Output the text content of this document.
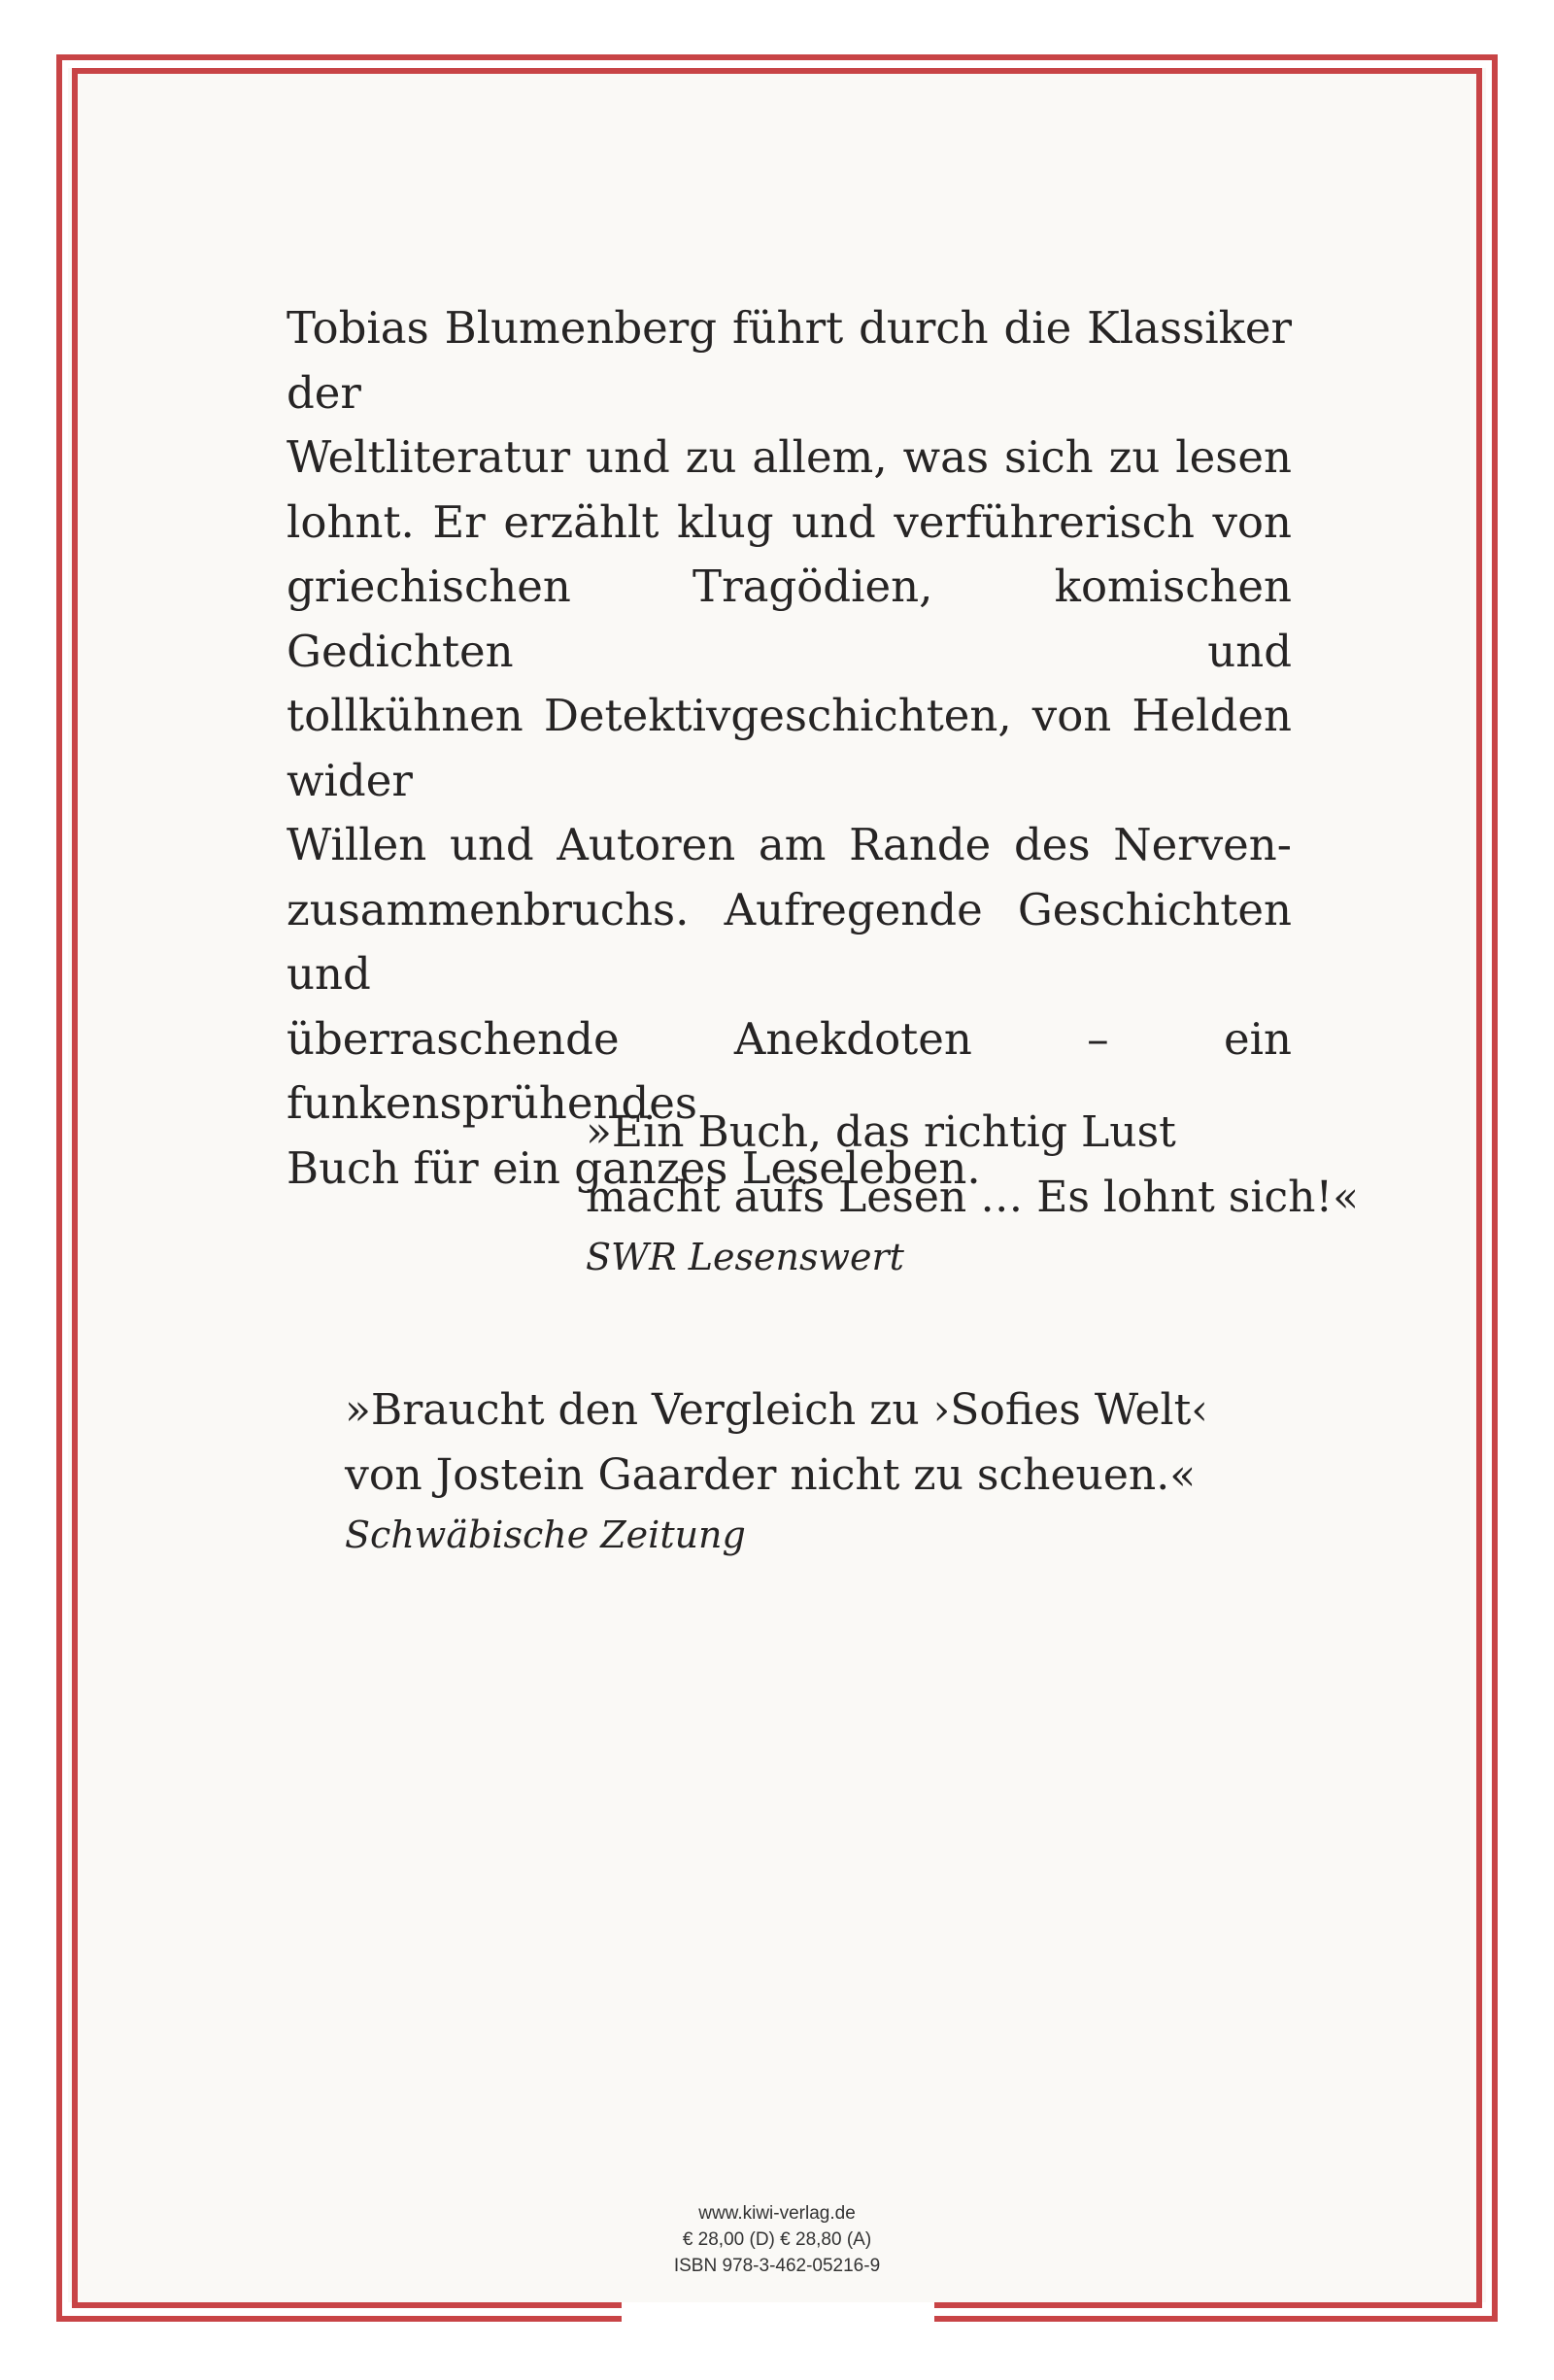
Tobias Blumenberg führt durch die Klassiker der
Weltliteratur und zu allem, was sich zu lesen
lohnt. Er erzählt klug und verführerisch von
griechischen Tragödien, komischen Gedichten und
tollkühnen Detektivgeschichten, von Helden wider
Willen und Autoren am Rande des Nerven-
zusammenbruchs. Aufregende Geschichten und
überraschende Anekdoten – ein funkensprühendes
Buch für ein ganzes Leseleben.

»Ein Buch, das richtig Lust
macht aufs Lesen … Es lohnt sich!«

SWR Lesenswert

»Braucht den Vergleich zu ›Sofies Welt‹
von Jostein Gaarder nicht zu scheuen.«

Schwäbische Zeitung

www.kiwi-verlag.de
€ 28,00 (D) € 28,80 (A)
ISBN 978-3-462-05216-9
